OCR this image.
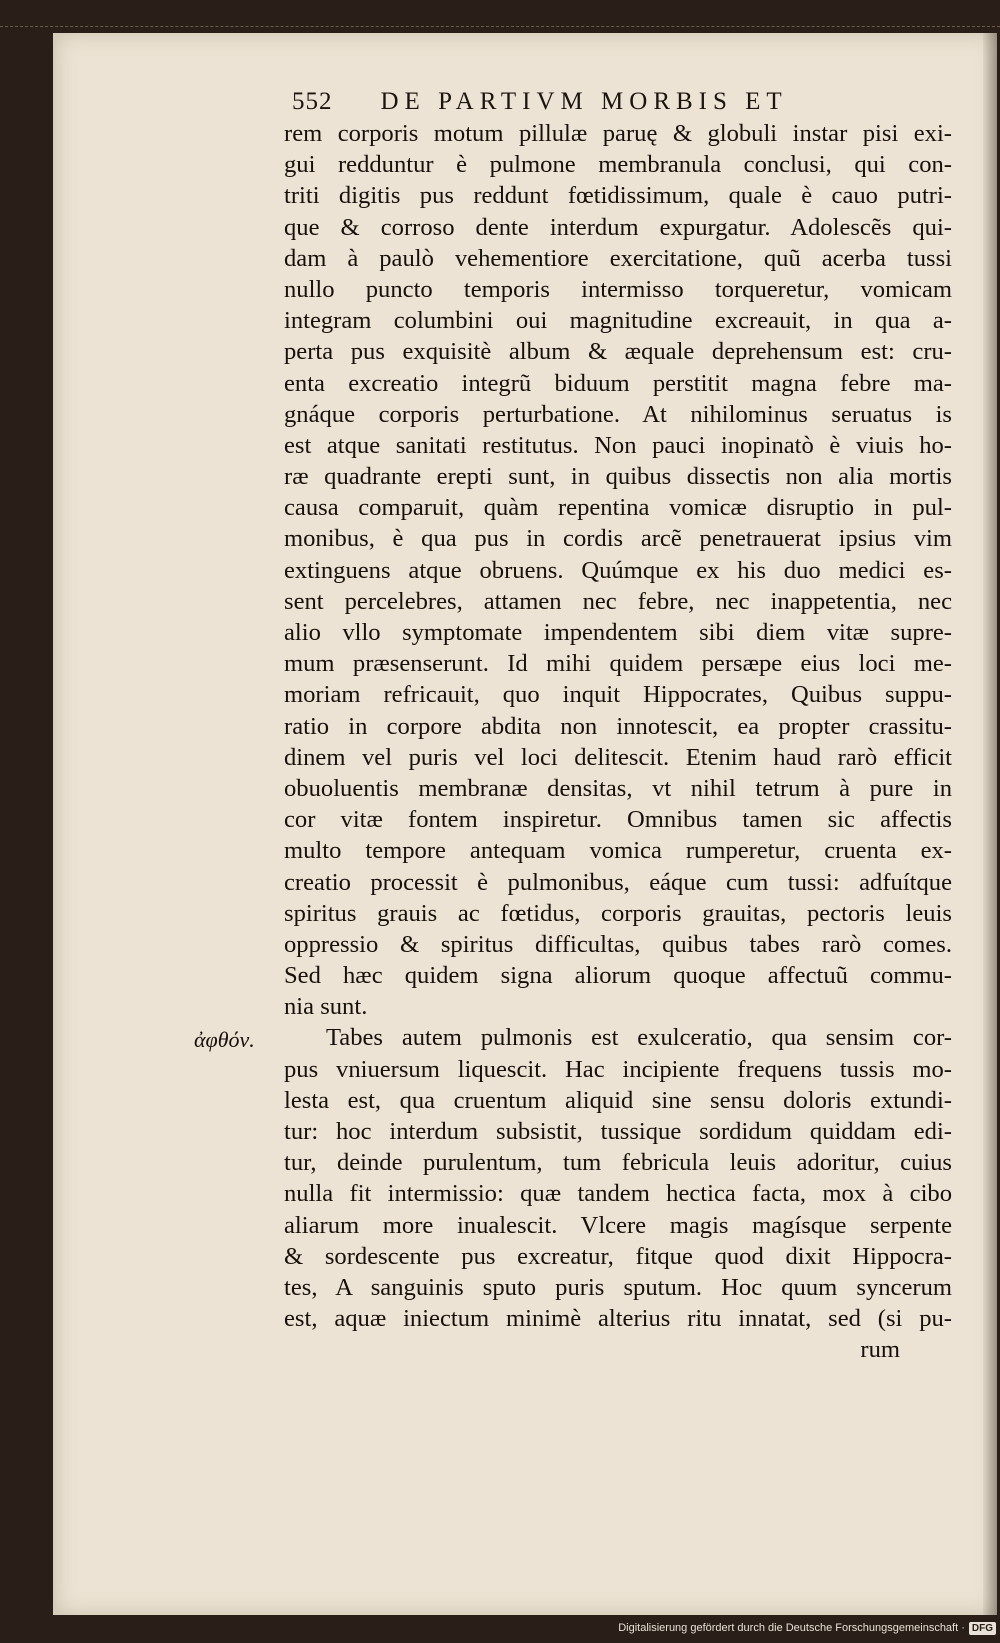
552 DE PARTIVM MORBIS ET
ἀφθόν.
rem corporis motum pillulæ paruę & globuli instar pisi exi-
gui redduntur è pulmone membranula conclusi, qui con-
triti digitis pus reddunt fœtidissimum, quale è cauo putri-
que & corroso dente interdum expurgatur. Adolescẽs qui-
dam à paulò vehementiore exercitatione, quũ acerba tussi
nullo puncto temporis intermisso torqueretur, vomicam
integram columbini oui magnitudine excreauit, in qua a-
perta pus exquisitè album & æquale deprehensum est: cru-
enta excreatio integrũ biduum perstitit magna febre ma-
gnáque corporis perturbatione. At nihilominus seruatus is
est atque sanitati restitutus. Non pauci inopinatò è viuis ho-
ræ quadrante erepti sunt, in quibus dissectis non alia mortis
causa comparuit, quàm repentina vomicæ disruptio in pul-
monibus, è qua pus in cordis arcẽ penetrauerat ipsius vim
extinguens atque obruens. Quúmque ex his duo medici es-
sent percelebres, attamen nec febre, nec inappetentia, nec
alio vllo symptomate impendentem sibi diem vitæ supre-
mum præsenserunt. Id mihi quidem persæpe eius loci me-
moriam refricauit, quo inquit Hippocrates, Quibus suppu-
ratio in corpore abdita non innotescit, ea propter crassitu-
dinem vel puris vel loci delitescit. Etenim haud rarò efficit
obuoluentis membranæ densitas, vt nihil tetrum à pure in
cor vitæ fontem inspiretur. Omnibus tamen sic affectis
multo tempore antequam vomica rumperetur, cruenta ex-
creatio processit è pulmonibus, eáque cum tussi: adfuítque
spiritus grauis ac fœtidus, corporis grauitas, pectoris leuis
oppressio & spiritus difficultas, quibus tabes rarò comes.
Sed hæc quidem signa aliorum quoque affectuũ commu-
nia sunt.
Tabes autem pulmonis est exulceratio, qua sensim cor-
pus vniuersum liquescit. Hac incipiente frequens tussis mo-
lesta est, qua cruentum aliquid sine sensu doloris extundi-
tur: hoc interdum subsistit, tussique sordidum quiddam edi-
tur, deinde purulentum, tum febricula leuis adoritur, cuius
nulla fit intermissio: quæ tandem hectica facta, mox à cibo
aliarum more inualescit. Vlcere magis magísque serpente
& sordescente pus excreatur, fitque quod dixit Hippocra-
tes, A sanguinis sputo puris sputum. Hoc quum syncerum
est, aquæ iniectum minimè alterius ritu innatat, sed (si pu-
rum
Digitalisierung gefördert durch die Deutsche Forschungsgemeinschaft · DFG
